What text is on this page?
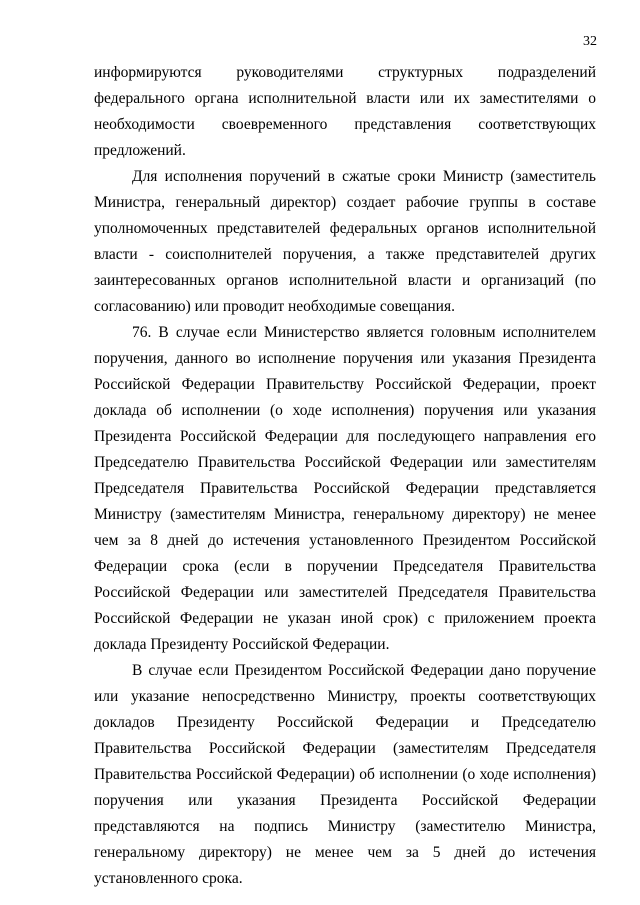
32

информируются руководителями структурных подразделений федерального органа исполнительной власти или их заместителями о необходимости своевременного представления соответствующих предложений.

Для исполнения поручений в сжатые сроки Министр (заместитель Министра, генеральный директор) создает рабочие группы в составе уполномоченных представителей федеральных органов исполнительной власти - соисполнителей поручения, а также представителей других заинтересованных органов исполнительной власти и организаций (по согласованию) или проводит необходимые совещания.

76. В случае если Министерство является головным исполнителем поручения, данного во исполнение поручения или указания Президента Российской Федерации Правительству Российской Федерации, проект доклада об исполнении (о ходе исполнения) поручения или указания Президента Российской Федерации для последующего направления его Председателю Правительства Российской Федерации или заместителям Председателя Правительства Российской Федерации представляется Министру (заместителям Министра, генеральному директору) не менее чем за 8 дней до истечения установленного Президентом Российской Федерации срока (если в поручении Председателя Правительства Российской Федерации или заместителей Председателя Правительства Российской Федерации не указан иной срок) с приложением проекта доклада Президенту Российской Федерации.

В случае если Президентом Российской Федерации дано поручение или указание непосредственно Министру, проекты соответствующих докладов Президенту Российской Федерации и Председателю Правительства Российской Федерации (заместителям Председателя Правительства Российской Федерации) об исполнении (о ходе исполнения) поручения или указания Президента Российской Федерации представляются на подпись Министру (заместителю Министра, генеральному директору) не менее чем за 5 дней до истечения установленного срока.
